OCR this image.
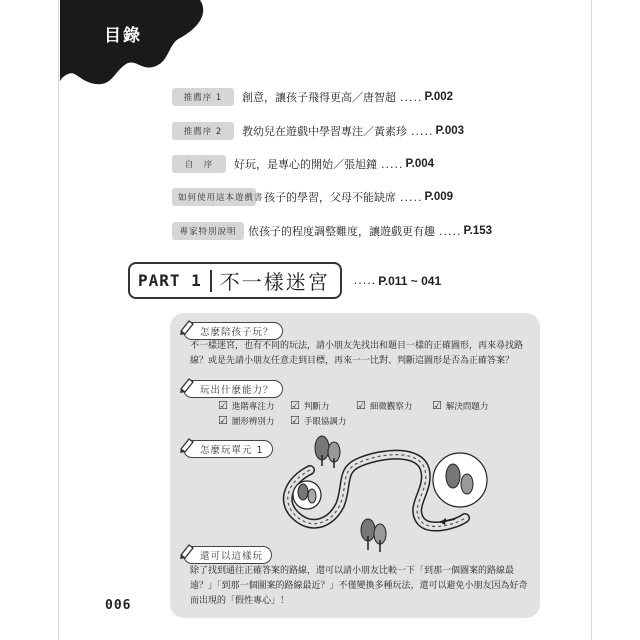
目錄
推薦序 1	創意，讓孩子飛得更高／唐智超 ..... P.002
推薦序 2	教幼兒在遊戲中學習專注／黃素珍 ..... P.003
自　序	好玩，是專心的開始／張旭鐘 ..... P.004
如何使用這本遊戲書 孩子的學習，父母不能缺席 ..... P.009
專家特別說明	依孩子的程度調整難度，讓遊戲更有趣 ..... P.153
PART 1 不一樣迷宮 ..... P.011 ~ 041
怎麼陪孩子玩？
不一樣迷宮，也有不同的玩法，請小朋友先找出和題目一樣的正確圖形，再來尋找路線？或是先請小朋友任意走到目標，再來一一比對、判斷這圖形是否為正確答案？
玩出什麼能力？
☑ 進階專注力 ☑ 判斷力 ☑ 細微觀察力 ☑ 解決問題力
☑ 圖形辨別力 ☑ 手眼協調力
怎麼玩單元 1
還可以這樣玩
除了找到通往正確答案的路線，還可以請小朋友比較一下「到那一個圖案的路線最遠？」「到那一個圖案的路線最近？」不僅變換多種玩法，還可以避免小朋友因為好奇而出現的「假性專心」！
006
